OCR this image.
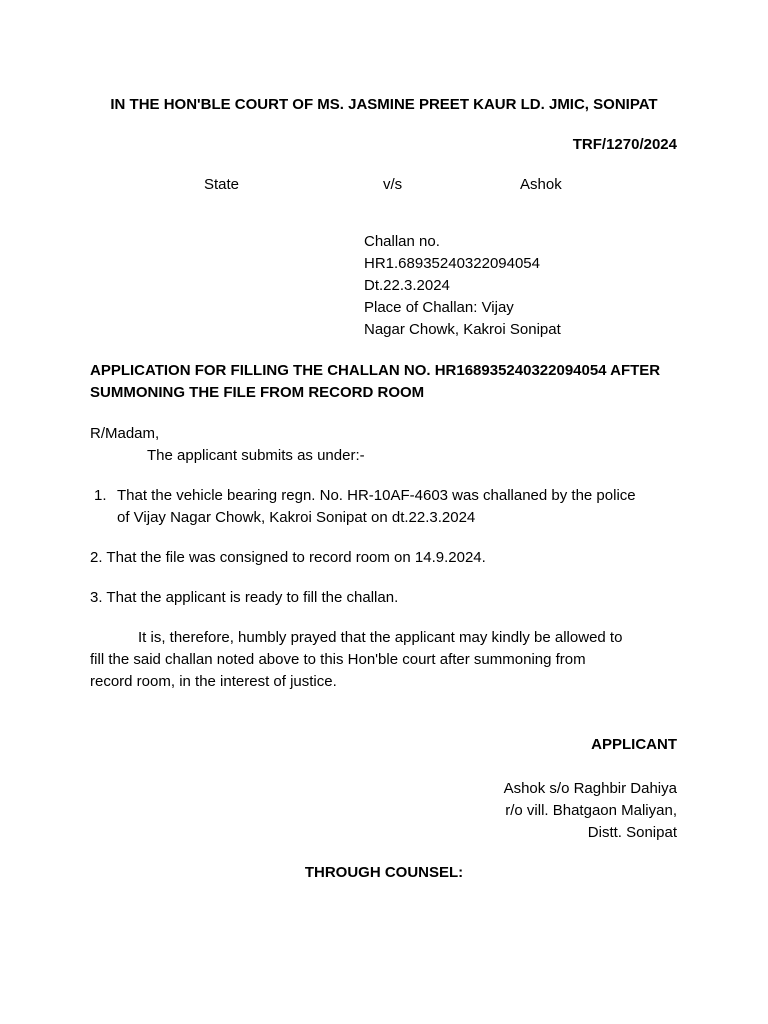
IN THE HON'BLE COURT OF MS. JASMINE PREET KAUR LD. JMIC, SONIPAT
TRF/1270/2024
State	v/s	Ashok
Challan no.
HR1.68935240322094054
Dt.22.3.2024
Place of Challan: Vijay
Nagar Chowk, Kakroi Sonipat
APPLICATION FOR FILLING THE CHALLAN NO. HR168935240322094054 AFTER
SUMMONING THE FILE FROM RECORD ROOM
R/Madam,
The applicant submits as under:-
1. That the vehicle bearing regn. No. HR-10AF-4603 was challaned by the police
of Vijay Nagar Chowk, Kakroi Sonipat on dt.22.3.2024
2. That the file was consigned to record room on 14.9.2024.
3. That the applicant is ready to fill the challan.
It is, therefore, humbly prayed that the applicant may kindly be allowed to
fill the said challan noted above to this Hon'ble court after summoning from
record room, in the interest of justice.
APPLICANT
Ashok s/o Raghbir Dahiya
r/o vill. Bhatgaon Maliyan,
Distt. Sonipat
THROUGH COUNSEL:
